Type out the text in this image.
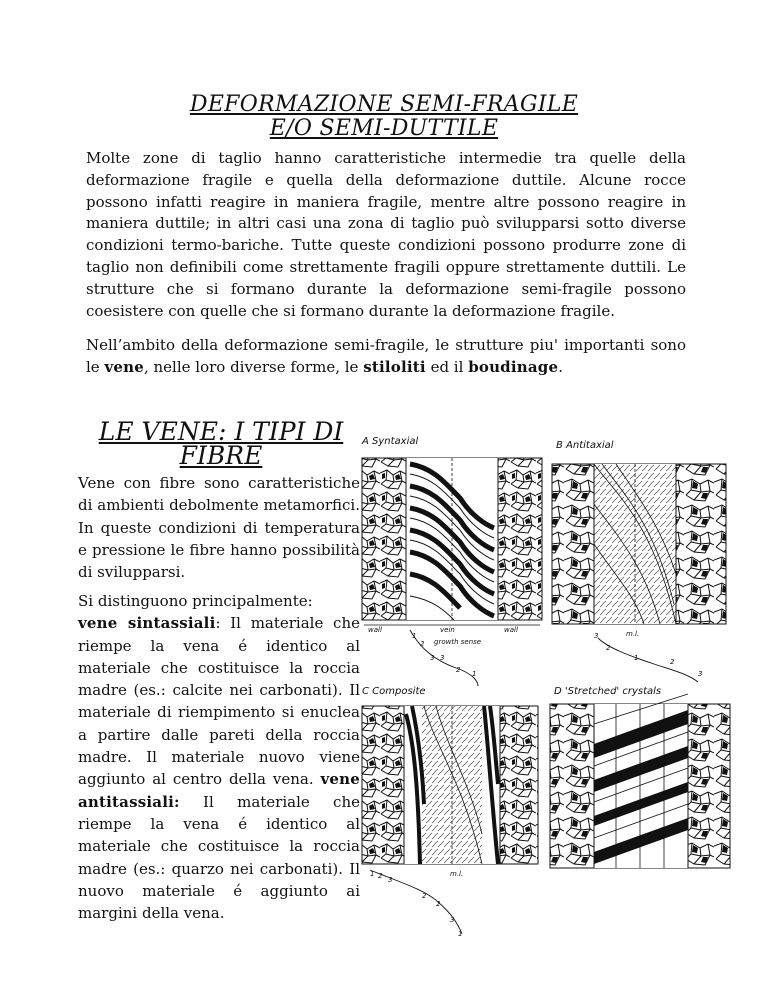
DEFORMAZIONE SEMI-FRAGILE
E/O SEMI-DUTTILE

Molte zone di taglio hanno caratteristiche intermedie tra quelle della deformazione fragile e quella della deformazione duttile. Alcune rocce possono infatti reagire in maniera fragile, mentre altre possono reagire in maniera duttile; in altri casi una zona di taglio può svilupparsi sotto diverse condizioni termo-bariche. Tutte queste condizioni possono produrre zone di taglio non definibili come strettamente fragili oppure strettamente duttili. Le strutture che si formano durante la deformazione semi-fragile possono coesistere con quelle che si formano durante la deformazione fragile.

Nell’ambito della deformazione semi-fragile, le strutture piu' importanti sono le vene, nelle loro diverse forme, le stiloliti ed il boudinage.

LE VENE: I TIPI DI
FIBRE

Vene con fibre sono caratteristiche di ambienti debolmente metamorfici. In queste condizioni di temperatura e pressione le fibre hanno possibilità di svilupparsi.

Si distinguono principalmente:

vene sintassiali: Il materiale che riempe la vena é identico al materiale che costituisce la roccia madre (es.: calcite nei carbonati). Il materiale di riempimento si enuclea a partire dalle pareti della roccia madre. Il materiale nuovo viene aggiunto al centro della vena. vene antitassiali: Il materiale che riempe la vena é identico al materiale che costituisce la roccia madre (es.: quarzo nei carbonati). Il nuovo materiale é aggiunto ai margini della vena.

A Syntaxial
wall	vein	wall
growth sense
1
2
3 3
2 1
B Antitaxial
m.l.
3
2
1	2
3
C Composite
m.l.
1 2 3
2
2
3
1
D 'Stretched' crystals
